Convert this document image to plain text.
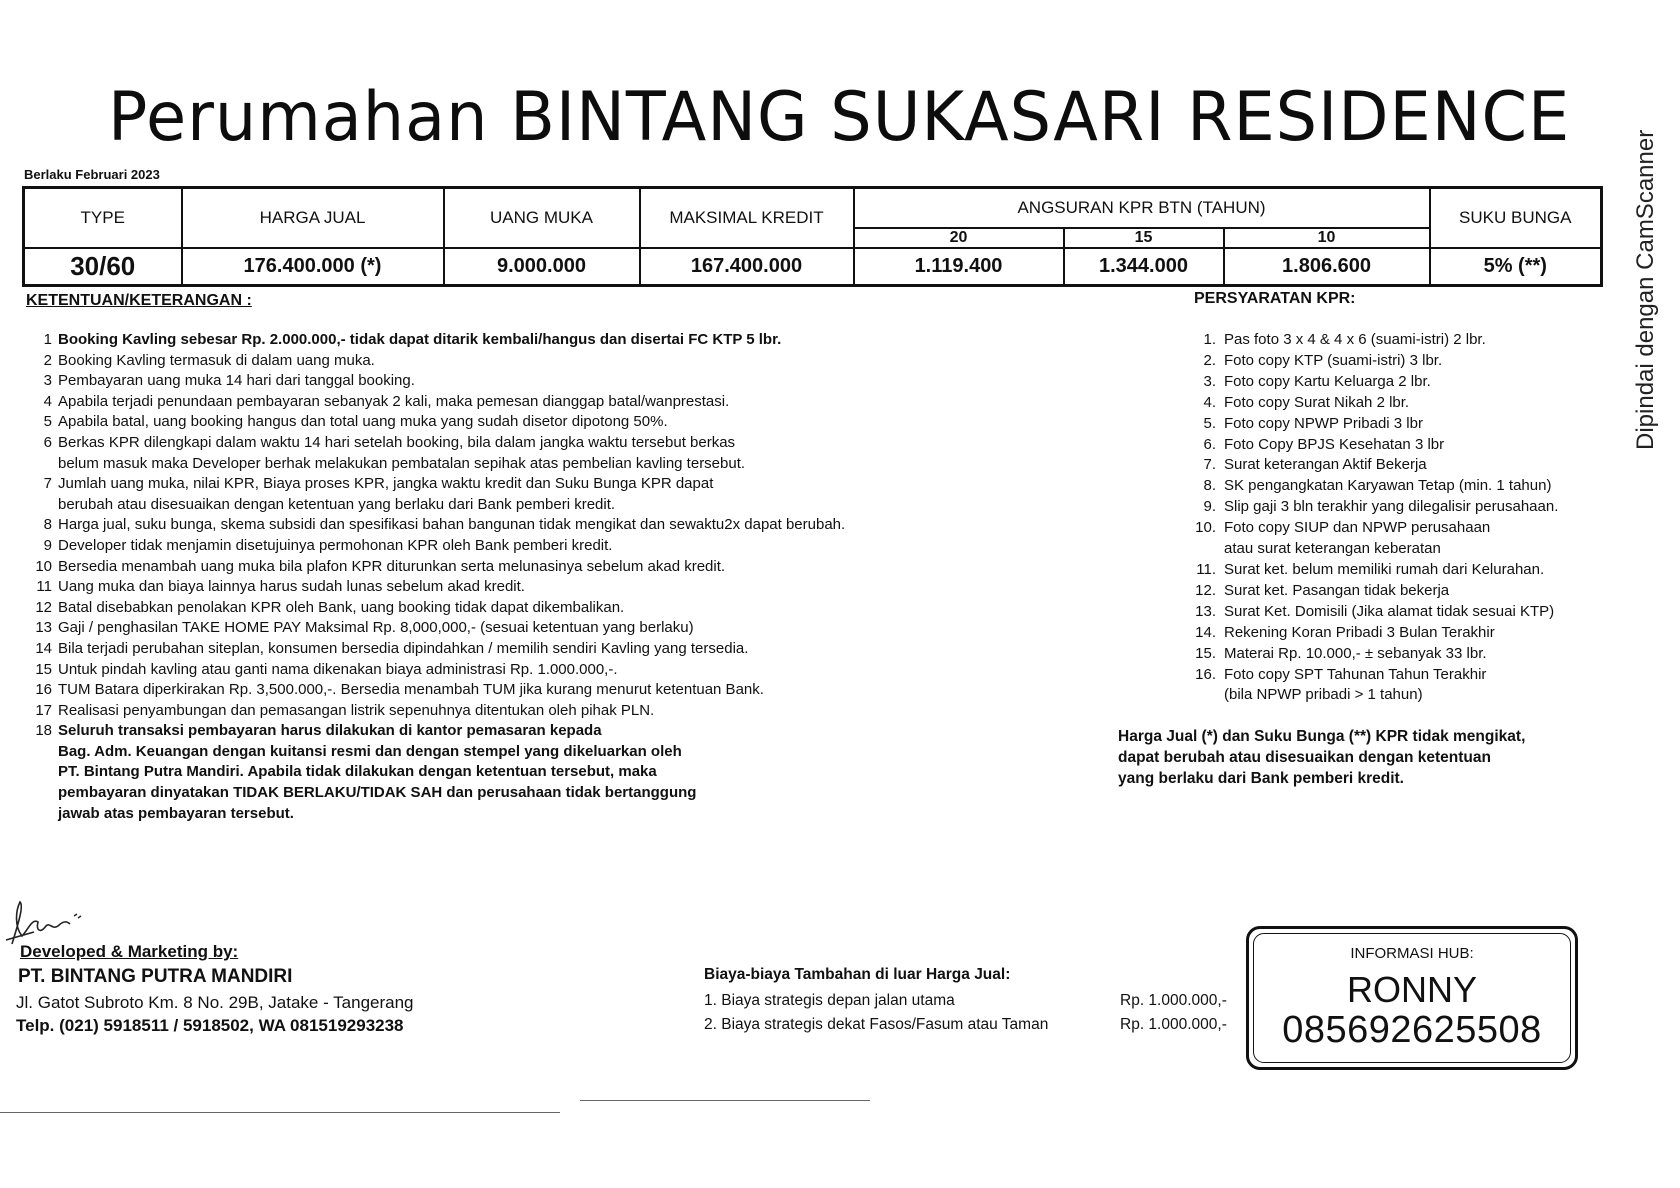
Perumahan BINTANG SUKASARI RESIDENCE
Berlaku Februari 2023
TYPE	HARGA JUAL	UANG MUKA	MAKSIMAL KREDIT	ANGSURAN KPR BTN (TAHUN)			SUKU BUNGA
				20	15	10	
30/60	176.400.000 (*)	9.000.000	167.400.000	1.119.400	1.344.000	1.806.600	5% (**)	Dipindai dengan CamScanner
KETENTUAN/KETERANGAN :
1 Booking Kavling sebesar Rp. 2.000.000,- tidak dapat ditarik kembali/hangus dan disertai FC KTP 5 lbr.
2 Booking Kavling termasuk di dalam uang muka.
3 Pembayaran uang muka 14 hari dari tanggal booking.
4 Apabila terjadi penundaan pembayaran sebanyak 2 kali, maka pemesan dianggap batal/wanprestasi.
5 Apabila batal, uang booking hangus dan total uang muka yang sudah disetor dipotong 50%.
6 Berkas KPR dilengkapi dalam waktu 14 hari setelah booking, bila dalam jangka waktu tersebut berkas
belum masuk maka Developer berhak melakukan pembatalan sepihak atas pembelian kavling tersebut.
7 Jumlah uang muka, nilai KPR, Biaya proses KPR, jangka waktu kredit dan Suku Bunga KPR dapat
berubah atau disesuaikan dengan ketentuan yang berlaku dari Bank pemberi kredit.
8 Harga jual, suku bunga, skema subsidi dan spesifikasi bahan bangunan tidak mengikat dan sewaktu2x dapat berubah.
9 Developer tidak menjamin disetujuinya permohonan KPR oleh Bank pemberi kredit.
10 Bersedia menambah uang muka bila plafon KPR diturunkan serta melunasinya sebelum akad kredit.
11 Uang muka dan biaya lainnya harus sudah lunas sebelum akad kredit.
12 Batal disebabkan penolakan KPR oleh Bank, uang booking tidak dapat dikembalikan.
13 Gaji / penghasilan TAKE HOME PAY Maksimal Rp. 8,000,000,- (sesuai ketentuan yang berlaku)
14 Bila terjadi perubahan siteplan, konsumen bersedia dipindahkan / memilih sendiri Kavling yang tersedia.
15 Untuk pindah kavling atau ganti nama dikenakan biaya administrasi Rp. 1.000.000,-.
16 TUM Batara diperkirakan Rp. 3,500.000,-. Bersedia menambah TUM jika kurang menurut ketentuan Bank.
17 Realisasi penyambungan dan pemasangan listrik sepenuhnya ditentukan oleh pihak PLN.
18 Seluruh transaksi pembayaran harus dilakukan di kantor pemasaran kepada
Bag. Adm. Keuangan dengan kuitansi resmi dan dengan stempel yang dikeluarkan oleh
PT. Bintang Putra Mandiri. Apabila tidak dilakukan dengan ketentuan tersebut, maka
pembayaran dinyatakan TIDAK BERLAKU/TIDAK SAH dan perusahaan tidak bertanggung
jawab atas pembayaran tersebut.
PERSYARATAN KPR:
1. Pas foto 3 x 4 & 4 x 6 (suami-istri) 2 lbr.
2. Foto copy KTP (suami-istri) 3 lbr.
3. Foto copy Kartu Keluarga 2 lbr.
4. Foto copy Surat Nikah 2 lbr.
5. Foto copy NPWP Pribadi 3 lbr
6. Foto Copy BPJS Kesehatan 3 lbr
7. Surat keterangan Aktif Bekerja
8. SK pengangkatan Karyawan Tetap (min. 1 tahun)
9. Slip gaji 3 bln terakhir yang dilegalisir perusahaan.
10. Foto copy SIUP dan NPWP perusahaan
atau surat keterangan keberatan
11. Surat ket. belum memiliki rumah dari Kelurahan.
12. Surat ket. Pasangan tidak bekerja
13. Surat Ket. Domisili (Jika alamat tidak sesuai KTP)
14. Rekening Koran Pribadi 3 Bulan Terakhir
15. Materai Rp. 10.000,- ± sebanyak 33 lbr.
16. Foto copy SPT Tahunan Tahun Terakhir
(bila NPWP pribadi > 1 tahun)
Harga Jual (*) dan Suku Bunga (**) KPR tidak mengikat,
dapat berubah atau disesuaikan dengan ketentuan
yang berlaku dari Bank pemberi kredit.
Developed & Marketing by:
PT. BINTANG PUTRA MANDIRI
Jl. Gatot Subroto Km. 8 No. 29B, Jatake - Tangerang
Telp. (021) 5918511 / 5918502, WA 081519293238
Biaya-biaya Tambahan di luar Harga Jual:
1. Biaya strategis depan jalan utama	Rp. 1.000.000,-
2. Biaya strategis dekat Fasos/Fasum atau Taman	Rp. 1.000.000,-
INFORMASI HUB:
RONNY
085692625508
